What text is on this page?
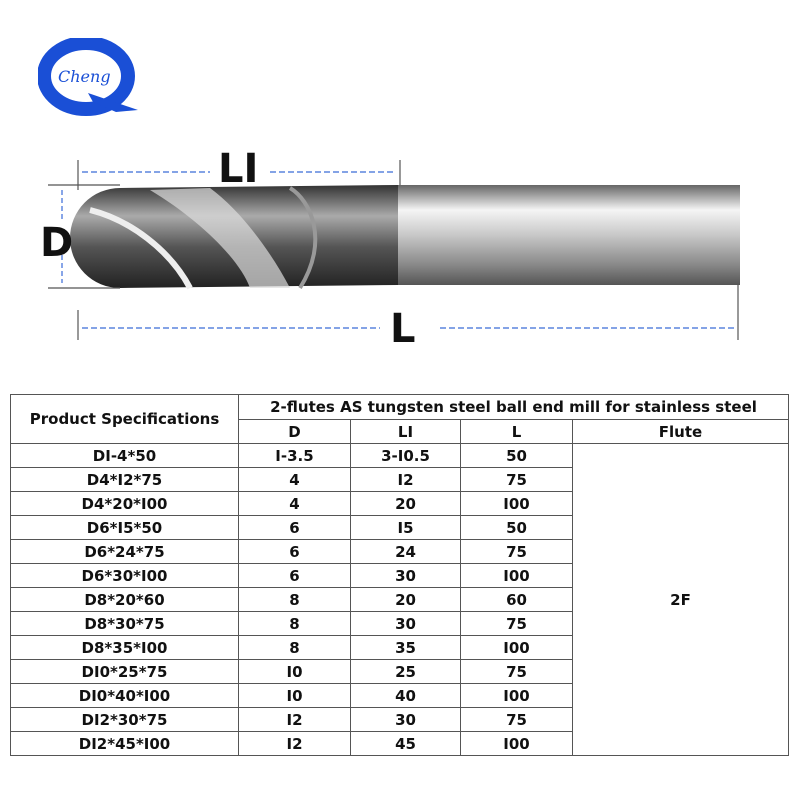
Cheng
LI
L
D
Product Specifications	2-flutes AS tungsten steel ball end mill for stainless steel			
	D	LI	L	Flute
DI-4*50	I-3.5	3-I0.5	50	2F
D4*I2*75	4	I2	75	
D4*20*I00	4	20	I00	
D6*I5*50	6	I5	50	
D6*24*75	6	24	75	
D6*30*I00	6	30	I00	
D8*20*60	8	20	60	
D8*30*75	8	30	75	
D8*35*I00	8	35	I00	
DI0*25*75	I0	25	75	
DI0*40*I00	I0	40	I00	
DI2*30*75	I2	30	75	
DI2*45*I00	I2	45	I00	
